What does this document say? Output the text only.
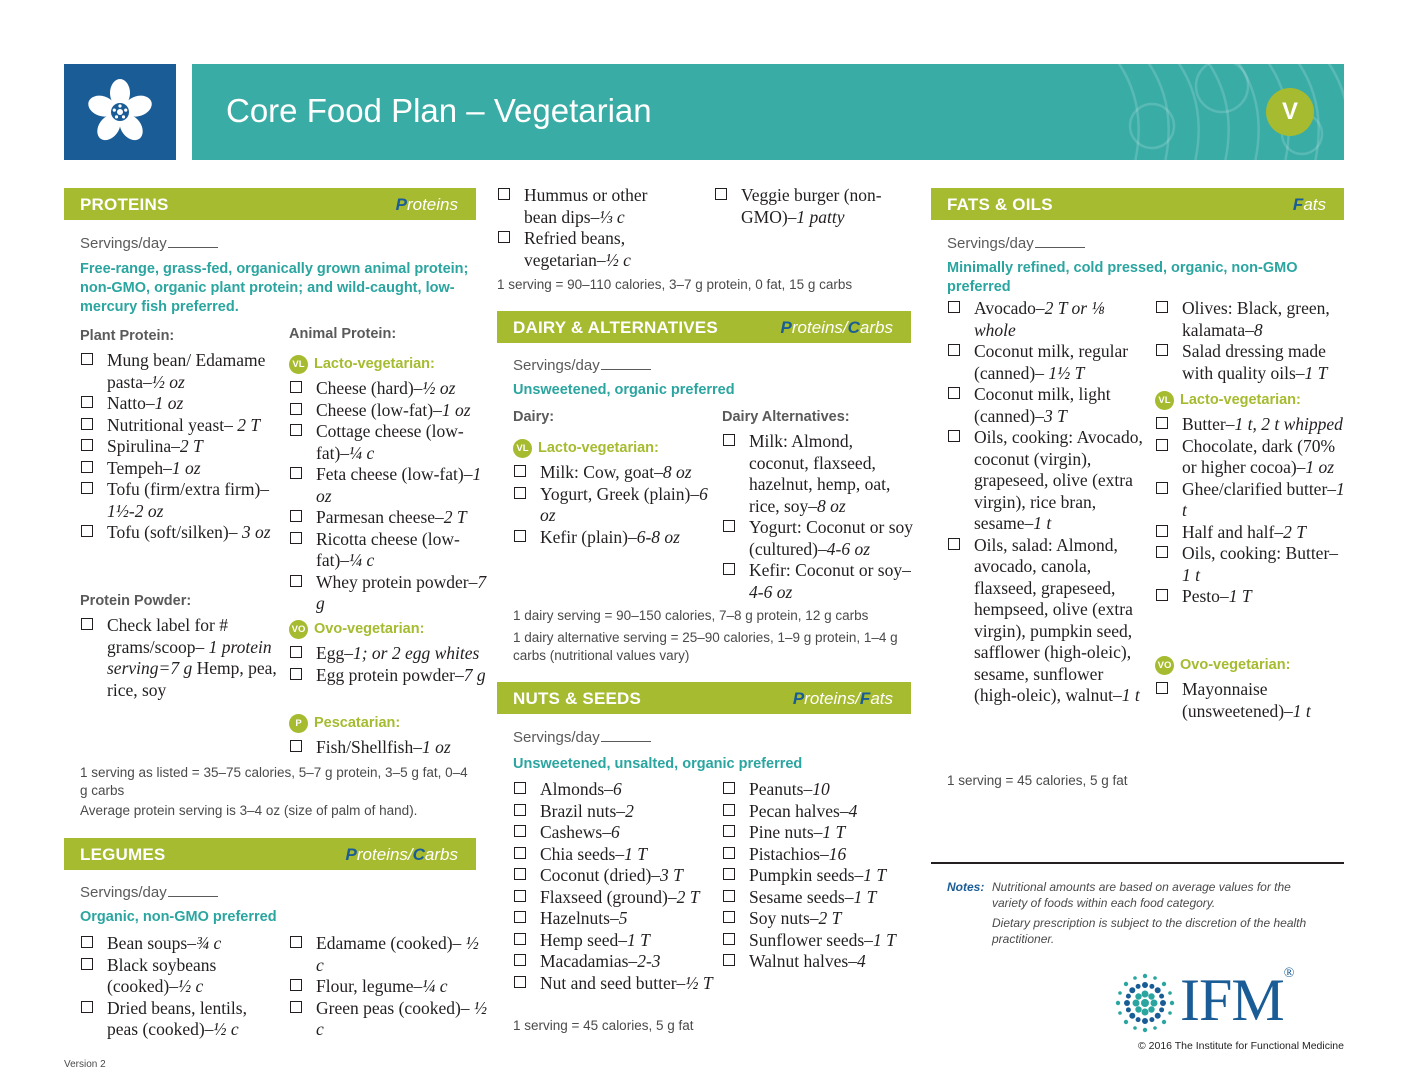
Core Food Plan – Vegetarian	V
PROTEINS	Proteins
Servings/day
Free-range, grass-fed, organically grown animal protein; non-GMO, organic plant protein; and wild-caught, low-mercury fish preferred.
Plant Protein:
Mung bean/ Edamame pasta–½ oz
Natto–1 oz
Nutritional yeast– 2 T
Spirulina–2 T
Tempeh–1 oz
Tofu (firm/extra firm)–1½-2 oz
Tofu (soft/silken)– 3 oz
Protein Powder:
Check label for # grams/scoop– 1 protein serving=7 g Hemp, pea, rice, soy
Animal Protein:
VL Lacto-vegetarian:
Cheese (hard)–½ oz
Cheese (low-fat)–1 oz
Cottage cheese (low-fat)–¼ c
Feta cheese (low-fat)–1 oz
Parmesan cheese–2 T
Ricotta cheese (low-fat)–¼ c
Whey protein powder–7 g
VO Ovo-vegetarian:
Egg–1; or 2 egg whites
Egg protein powder–7 g
P Pescatarian:
Fish/Shellfish–1 oz
1 serving as listed = 35–75 calories, 5–7 g protein, 3–5 g fat, 0–4 g carbs
Average protein serving is 3–4 oz (size of palm of hand).
LEGUMES	Proteins/Carbs
Servings/day
Organic, non-GMO preferred
Bean soups–¾ c
Black soybeans (cooked)–½ c
Dried beans, lentils, peas (cooked)–½ c
Edamame (cooked)– ½ c
Flour, legume–¼ c
Green peas (cooked)– ½ c
Hummus or other bean dips–⅓ c
Refried beans, vegetarian–½ c
Veggie burger (non-GMO)–1 patty
1 serving = 90–110 calories, 3–7 g protein, 0 fat, 15 g carbs
DAIRY & ALTERNATIVES	Proteins/Carbs
Servings/day
Unsweetened, organic preferred
Dairy:
VL Lacto-vegetarian:
Milk: Cow, goat–8 oz
Yogurt, Greek (plain)–6 oz
Kefir (plain)–6-8 oz
Dairy Alternatives:
Milk: Almond, coconut, flaxseed, hazelnut, hemp, oat, rice, soy–8 oz
Yogurt: Coconut or soy (cultured)–4-6 oz
Kefir: Coconut or soy–4-6 oz
1 dairy serving = 90–150 calories, 7–8 g protein, 12 g carbs
1 dairy alternative serving = 25–90 calories, 1–9 g protein, 1–4 g carbs (nutritional values vary)
NUTS & SEEDS	Proteins/Fats
Servings/day
Unsweetened, unsalted, organic preferred
Almonds–6
Brazil nuts–2
Cashews–6
Chia seeds–1 T
Coconut (dried)–3 T
Flaxseed (ground)–2 T
Hazelnuts–5
Hemp seed–1 T
Macadamias–2-3
Nut and seed butter–½ T
Peanuts–10
Pecan halves–4
Pine nuts–1 T
Pistachios–16
Pumpkin seeds–1 T
Sesame seeds–1 T
Soy nuts–2 T
Sunflower seeds–1 T
Walnut halves–4
1 serving = 45 calories, 5 g fat
FATS & OILS	Fats
Servings/day
Minimally refined, cold pressed, organic, non-GMO preferred
Avocado–2 T or ⅛ whole
Coconut milk, regular (canned)– 1½ T
Coconut milk, light (canned)–3 T
Oils, cooking: Avocado, coconut (virgin), grapeseed, olive (extra virgin), rice bran, sesame–1 t
Oils, salad: Almond, avocado, canola, flaxseed, grapeseed, hempseed, olive (extra virgin), pumpkin seed, safflower (high-oleic), sesame, sunflower (high-oleic), walnut–1 t
Olives: Black, green, kalamata–8
Salad dressing made with quality oils–1 T
VL Lacto-vegetarian:
Butter–1 t, 2 t whipped
Chocolate, dark (70% or higher cocoa)–1 oz
Ghee/clarified butter–1 t
Half and half–2 T
Oils, cooking: Butter–1 t
Pesto–1 T
VO Ovo-vegetarian:
Mayonnaise (unsweetened)–1 t
1 serving = 45 calories, 5 g fat
Notes: Nutritional amounts are based on average values for the variety of foods within each food category.
Dietary prescription is subject to the discretion of the health practitioner.
IFM®
© 2016 The Institute for Functional Medicine
Version 2
